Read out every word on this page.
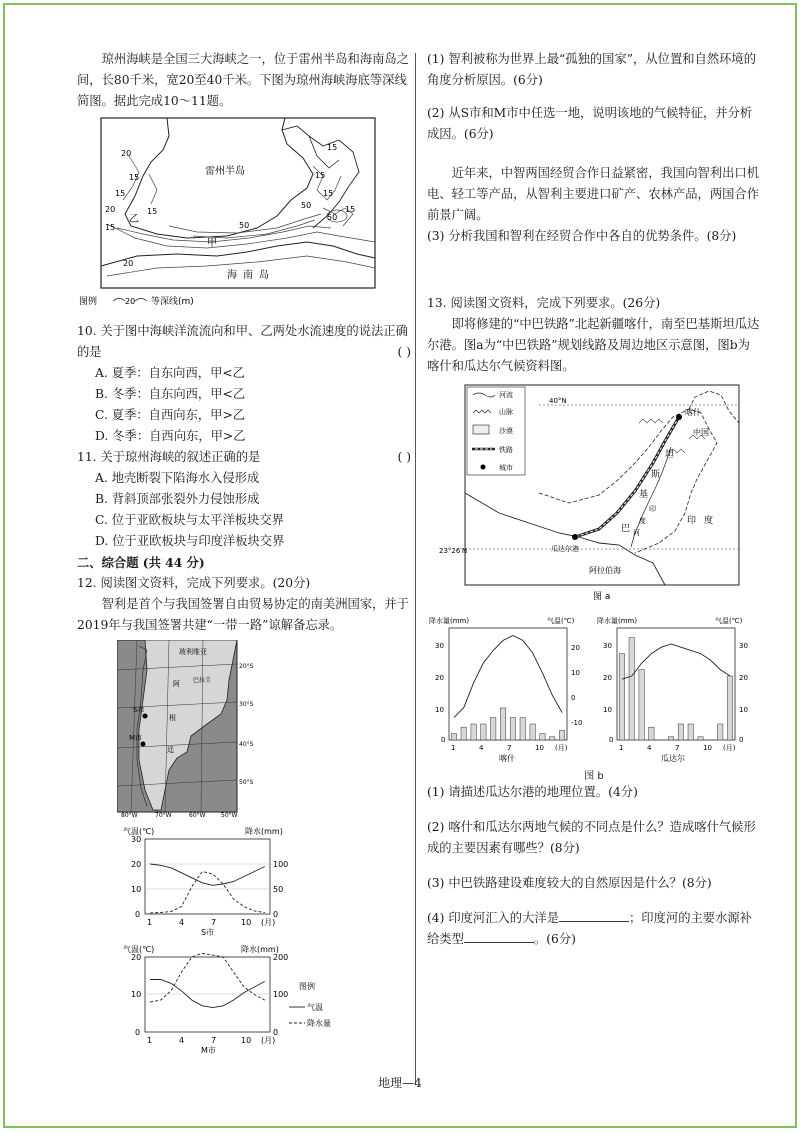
琼州海峡是全国三大海峡之一，位于雷州半岛和海南岛之间，长80千米，宽20至40千米。下图为琼州海峡海底等深线简图。据此完成10～11题。

雷州半岛
海南岛
甲
乙
20
15
15
20
15
15
15
50
50
50
15
15
15
20
图例	20 等深线(m)

10. 关于图中海峡洋流流向和甲、乙两处水流速度的说法正确的是	( )

A. 夏季：自东向西，甲<乙

B. 冬季：自东向西，甲<乙

C. 夏季：自西向东，甲>乙

D. 冬季：自西向东，甲>乙

11. 关于琼州海峡的叙述正确的是	( )

A. 地壳断裂下陷海水入侵形成

B. 背斜顶部张裂外力侵蚀形成

C. 位于亚欧板块与太平洋板块交界

D. 位于亚欧板块与印度洋板块交界

二、综合题 (共 44 分)

12. 阅读图文资料，完成下列要求。(20分)

智利是首个与我国签署自由贸易协定的南美洲国家，并于2019年与我国签署共建“一带一路”谅解备忘录。

玻利维亚
阿
根
廷
巴拉圭
S市
M市
20°S
30°S
40°S
50°S
80°W	70°W	60°W	50°W
气温(℃)	降水(mm)
30
20
10
0
100
50
0
1	4	7	10 (月)
S市
气温(℃)	降水(mm)
20
10
0
200
100
0
1	4	7	10 (月)
M市
图例
气温
降水量

(1) 智利被称为世界上最“孤独的国家”，从位置和自然环境的角度分析原因。(6分)

(2) 从S市和M市中任选一地，说明该地的气候特征，并分析成因。(6分)

近年来，中智两国经贸合作日益紧密，我国向智利出口机电、轻工等产品，从智利主要进口矿产、农林产品，两国合作前景广阔。

(3) 分析我国和智利在经贸合作中各自的优势条件。(8分)

13. 阅读图文资料，完成下列要求。(26分)

即将修建的“中巴铁路”北起新疆喀什，南至巴基斯坦瓜达尔港。图a为“中巴铁路”规划线路及周边地区示意图，图b为喀什和瓜达尔气候资料图。

河流
山脉
沙漠
铁路
城市
40°N
23°26′N
喀什
中国
瓜达尔港
阿拉伯海
印度
巴
基
斯
坦
印
度
河
图 a
降水量(mm)	气温(℃)
30
20
10
0
20
10
0
-10
1	4	7	10 (月)
喀什
降水量(mm)	气温(℃)
30
20
10
0
30
20
10
0
1	4	7	10 (月)
瓜达尔
图 b

(1) 请描述瓜达尔港的地理位置。(4分)

(2) 喀什和瓜达尔两地气候的不同点是什么？造成喀什气候形成的主要因素有哪些？(8分)

(3) 中巴铁路建设难度较大的自然原因是什么？(8分)

(4) 印度河汇入的大洋是	；印度河的主要水源补给类型	。(6分)

地理—4
